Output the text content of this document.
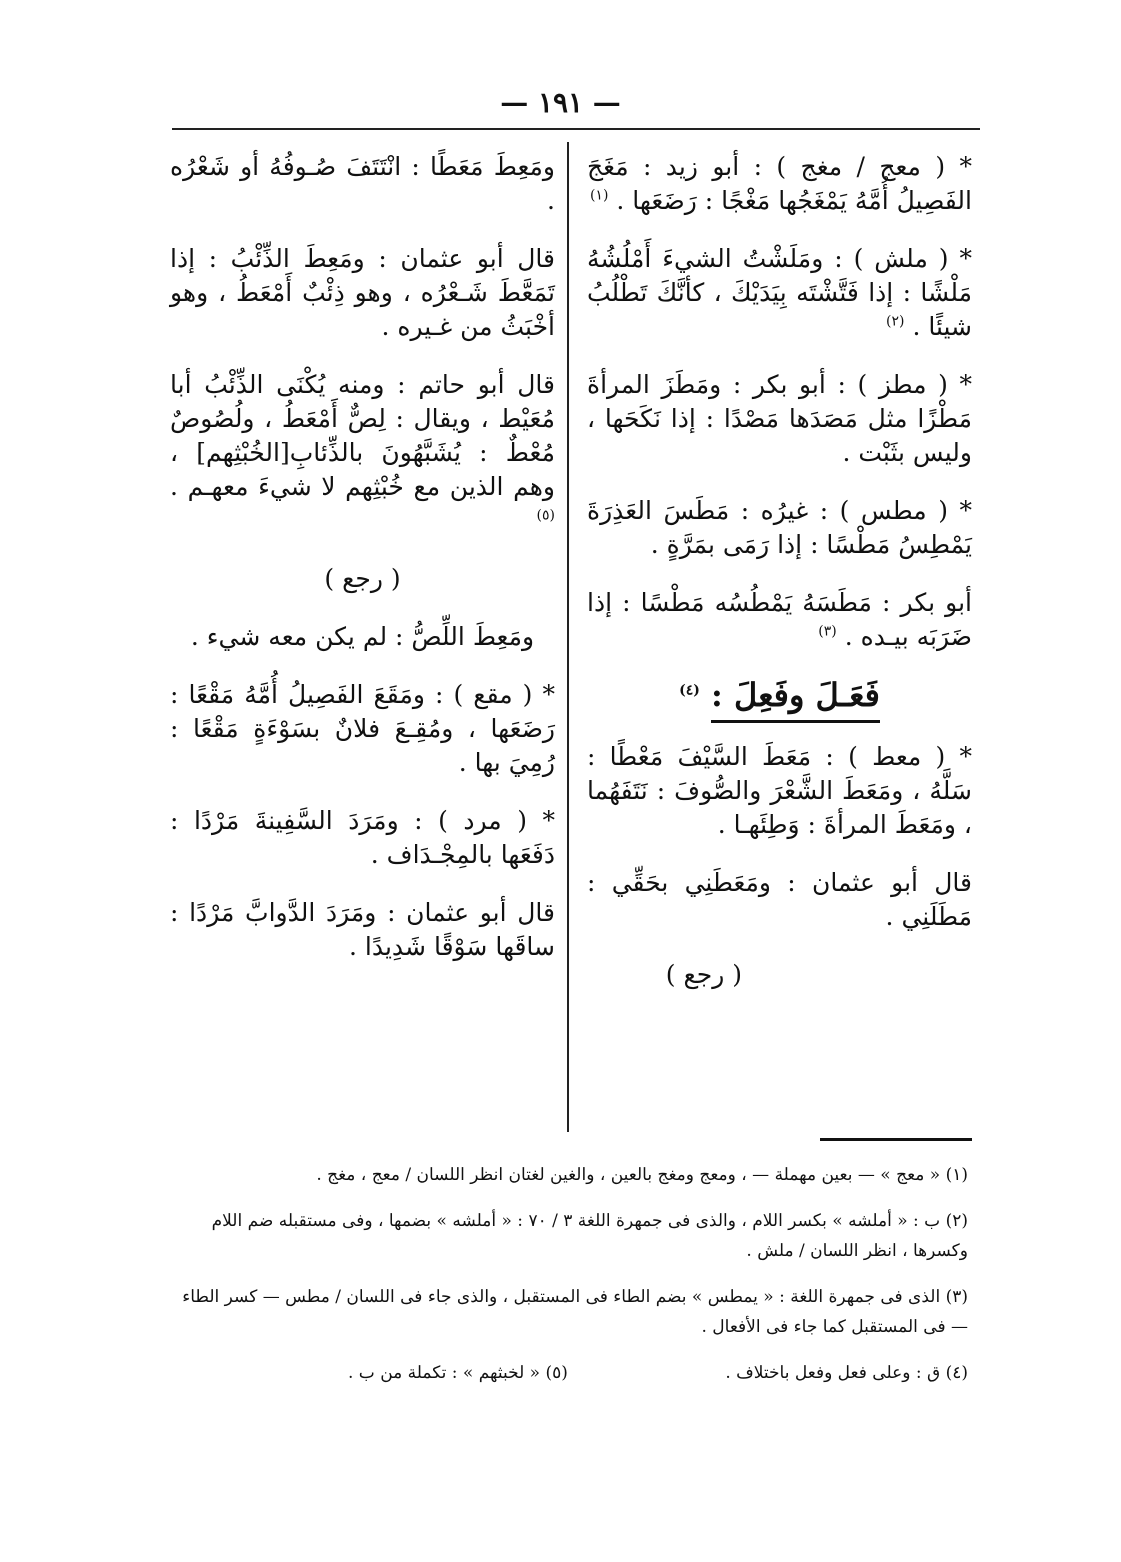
— ١٩١ —

* ( معج / مغج ) : أبو زيد : مَغَجَ الفَصِيلُ أُمَّهُ يَمْغَجُها مَغْجًا : رَضَعَها . $^{(١)}$

* ( ملش ) : ومَلَشْتُ الشيءَ أَمْلُشُهُ مَلْشًا : إذا فَتَّشْتَه بِيَدَيْكَ ، كأنَّكَ تَطْلُبُ شيئًا . $^{(٢)}$

* ( مطز ) : أبو بكر : ومَطَزَ المرأةَ مَطْزًا مثل مَصَدَها مَصْدًا : إذا نَكَحَها ، وليس بثَبْت .

* ( مطس ) : غيرُه : مَطَسَ العَذِرَةَ يَمْطِسُ مَطْسًا : إذا رَمَى بمَرَّةٍ .

أبو بكر : مَطَسَهُ يَمْطُسُه مَطْسًا : إذا ضَرَبَه بيـده . $^{(٣)}$

فَعَـلَ وفَعِلَ : $^{(٤)}$

* ( معط ) : مَعَطَ السَّيْفَ مَعْطًا : سَلَّهُ ، ومَعَطَ الشَّعْرَ والصُّوفَ : نَتَفَهُما ، ومَعَطَ المرأةَ : وَطِئَهـا .

قال أبو عثمان : ومَعَطَنِي بحَقِّي : مَطَلَنِي .

( رجع )

ومَعِطَ مَعَطًا : انْتَتَفَ صُـوفُهُ أو شَعْرُه .

قال أبو عثمان : ومَعِطَ الذِّئْبُ : إذا تَمَعَّطَ شَـعْرُه ، وهو ذِئْبٌ أَمْعَطُ ، وهو أخْبَثُ من غـيره .

قال أبو حاتم : ومنه يُكْنَى الذِّئْبُ أبا مُعَيْط ، ويقال : لِصٌّ أَمْعَطُ ، ولُصُوصٌ مُعْطٌ : يُشَبَّهُونَ بالذِّئابِ[الخُبْثِهم] ، وهم الذين مع خُبْثِهم لا شيءَ معهـم . $^{(٥)}$

( رجع )

ومَعِطَ اللِّصُّ : لم يكن معه شيء .

* ( مقع ) : ومَقَعَ الفَصِيلُ أُمَّهُ مَقْعًا : رَضَعَها ، ومُقِـعَ فلانٌ بسَوْءَةٍ مَقْعًا : رُمِيَ بها .

* ( مرد ) : ومَرَدَ السَّفِينةَ مَرْدًا : دَفَعَها بالمِجْـدَاف .

قال أبو عثمان : ومَرَدَ الدَّوابَّ مَرْدًا : ساقَها سَوْقًا شَدِيدًا .

(١) « معج » — بعين مهملة — ، ومعج ومغج بالعين ، والغين لغتان انظر اللسان / معج ، مغج .

(٢) ب : « أملشه » بكسر اللام ، والذى فى جمهرة اللغة ٣ / ٧٠ : « أملشه » بضمها ، وفى مستقبله ضم اللام وكسرها ، انظر اللسان / ملش .

(٣) الذى فى جمهرة اللغة : « يمطس » بضم الطاء فى المستقبل ، والذى جاء فى اللسان / مطس — كسر الطاء — فى المستقبل كما جاء فى الأفعال .

(٤) ق : وعلى فعل وفعل باختلاف .
(٥) « لخبثهم » : تكملة من ب .
